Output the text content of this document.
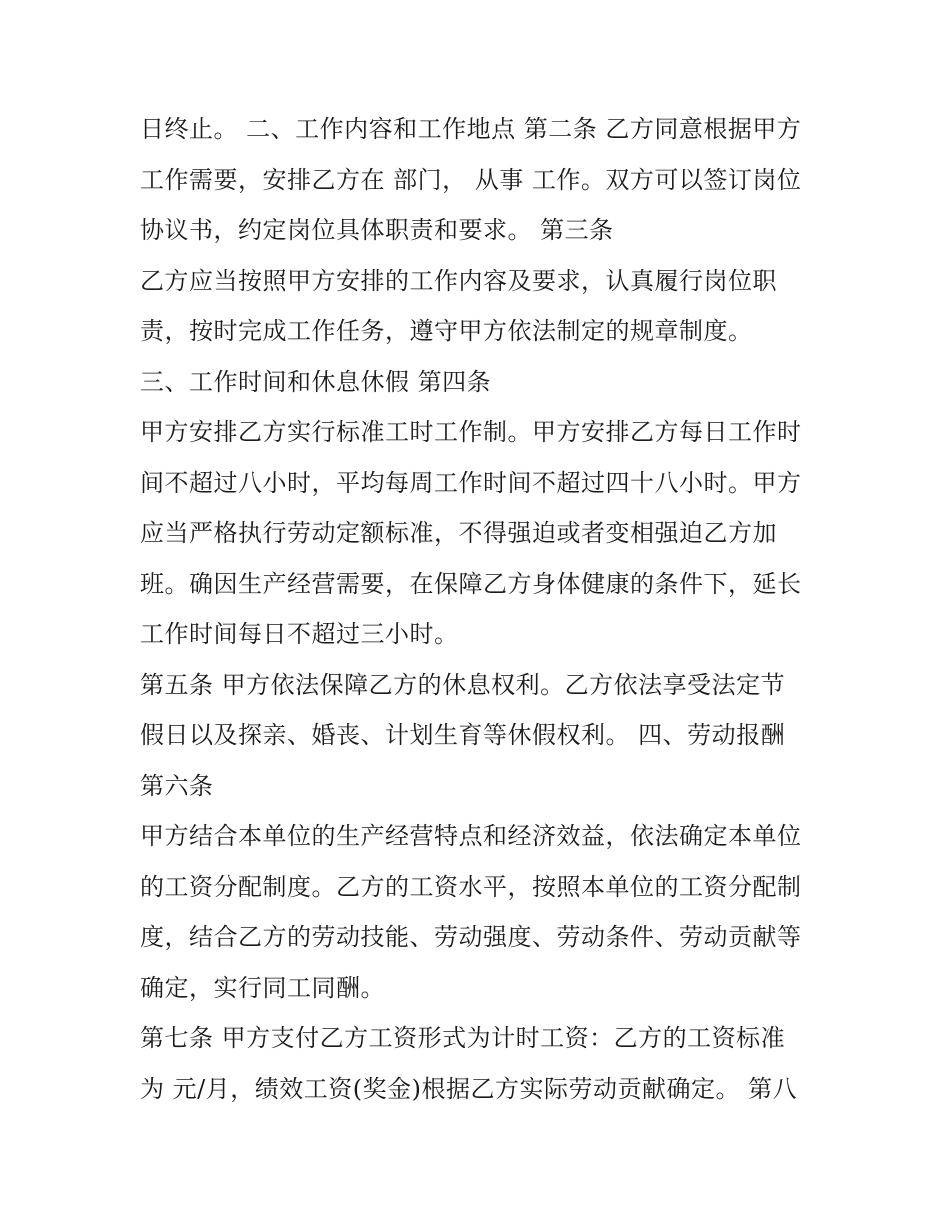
日终止。 二、工作内容和工作地点 第二条 乙方同意根据甲方
工作需要，安排乙方在 部门， 从事 工作。双方可以签订岗位
协议书，约定岗位具体职责和要求。 第三条
乙方应当按照甲方安排的工作内容及要求，认真履行岗位职
责，按时完成工作任务，遵守甲方依法制定的规章制度。
三、工作时间和休息休假 第四条
甲方安排乙方实行标准工时工作制。甲方安排乙方每日工作时
间不超过八小时，平均每周工作时间不超过四十八小时。甲方
应当严格执行劳动定额标准，不得强迫或者变相强迫乙方加
班。确因生产经营需要，在保障乙方身体健康的条件下，延长
工作时间每日不超过三小时。
第五条 甲方依法保障乙方的休息权利。乙方依法享受法定节
假日以及探亲、婚丧、计划生育等休假权利。 四、劳动报酬
第六条
甲方结合本单位的生产经营特点和经济效益，依法确定本单位
的工资分配制度。乙方的工资水平，按照本单位的工资分配制
度，结合乙方的劳动技能、劳动强度、劳动条件、劳动贡献等
确定，实行同工同酬。
第七条 甲方支付乙方工资形式为计时工资：乙方的工资标准
为 元/月，绩效工资(奖金)根据乙方实际劳动贡献确定。 第八
